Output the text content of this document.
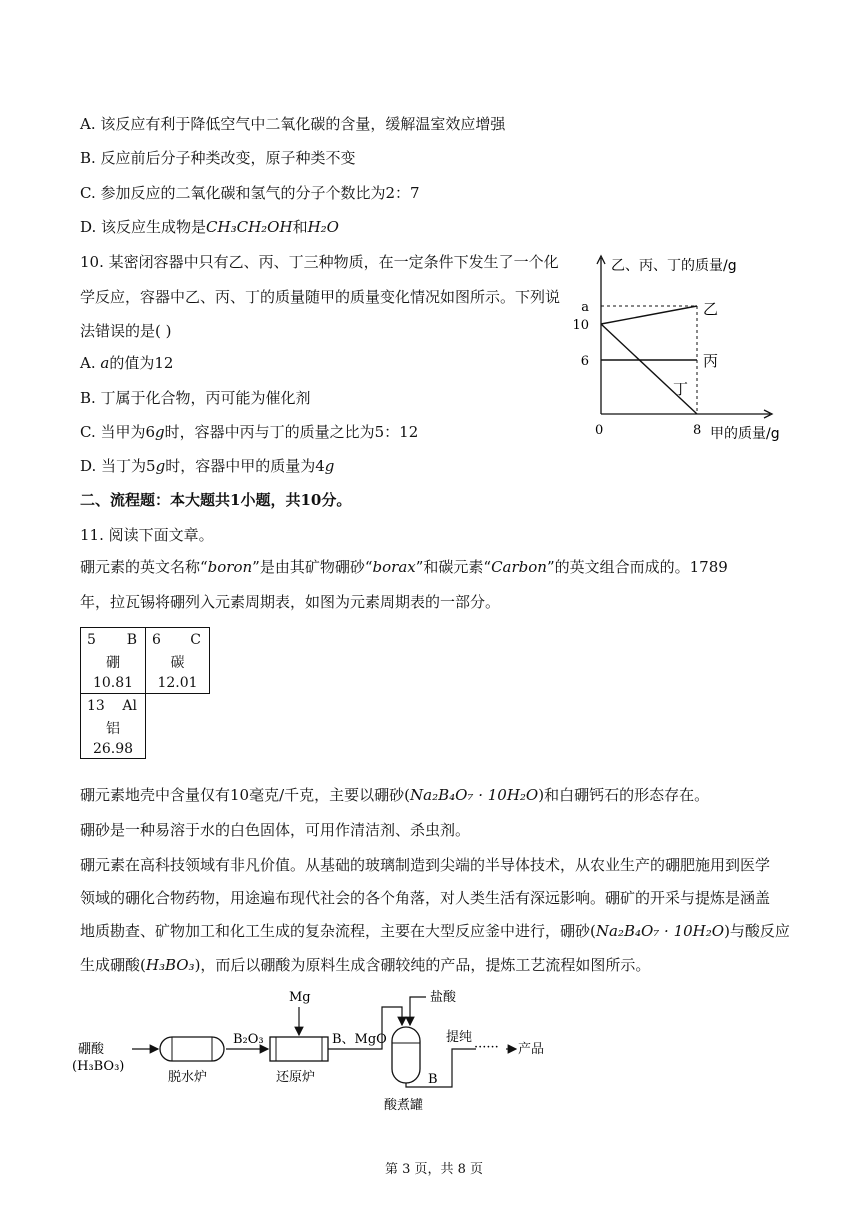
A. 该反应有利于降低空气中二氧化碳的含量，缓解温室效应增强
B. 反应前后分子种类改变，原子种类不变
C. 参加反应的二氧化碳和氢气的分子个数比为2：7
D. 该反应生成物是CH₃CH₂OH和H₂O
10. 某密闭容器中只有乙、丙、丁三种物质，在一定条件下发生了一个化
学反应，容器中乙、丙、丁的质量随甲的质量变化情况如图所示。下列说
法错误的是( )
A. a的值为12
B. 丁属于化合物，丙可能为催化剂
C. 当甲为6g时，容器中丙与丁的质量之比为5：12
D. 当丁为5g时，容器中甲的质量为4g
乙、丙、丁的质量/g
甲的质量/g
0	8
6
10
a	乙
丙
丁
二、流程题：本大题共1小题，共10分。
11. 阅读下面文章。
硼元素的英文名称“boron”是由其矿物硼砂“borax”和碳元素“Carbon”的英文组合而成的。1789
年，拉瓦锡将硼列入元素周期表，如图为元素周期表的一部分。
5 B
硼
10.81
6 C
碳
12.01
13 Al
铝
26.98
硼元素地壳中含量仅有10毫克/千克，主要以硼砂(Na₂B₄O₇ · 10H₂O)和白硼钙石的形态存在。
硼砂是一种易溶于水的白色固体，可用作清洁剂、杀虫剂。
硼元素在高科技领域有非凡价值。从基础的玻璃制造到尖端的半导体技术，从农业生产的硼肥施用到医学
领域的硼化合物药物，用途遍布现代社会的各个角落，对人类生活有深远影响。硼矿的开采与提炼是涵盖
地质勘查、矿物加工和化工生成的复杂流程，主要在大型反应釜中进行，硼砂(Na₂B₄O₇ · 10H₂O)与酸反应
生成硼酸(H₃BO₃)，而后以硼酸为原料生成含硼较纯的产品，提炼工艺流程如图所示。
硼酸
(H₃BO₃)
脱水炉
B₂O₃
Mg
还原炉
B、MgO
盐酸
酸煮罐
B
提纯
······ 产品
第 3 页，共 8 页
